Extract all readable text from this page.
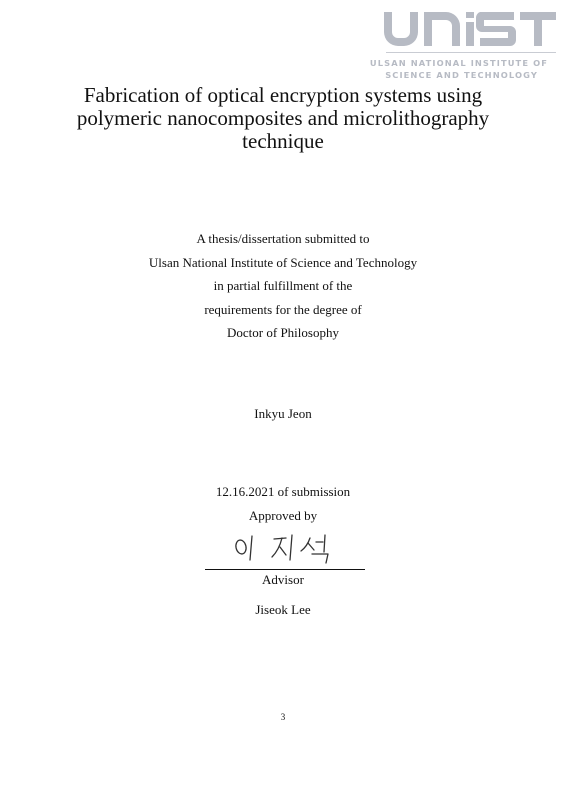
ULSAN NATIONAL INSTITUTE OF
SCIENCE AND TECHNOLOGY
Fabrication of optical encryption systems using
polymeric nanocomposites and microlithography
technique
A thesis/dissertation submitted to
Ulsan National Institute of Science and Technology
in partial fulfillment of the
requirements for the degree of
Doctor of Philosophy
Inkyu Jeon
12.16.2021 of submission
Approved by
Advisor
Jiseok Lee
3
